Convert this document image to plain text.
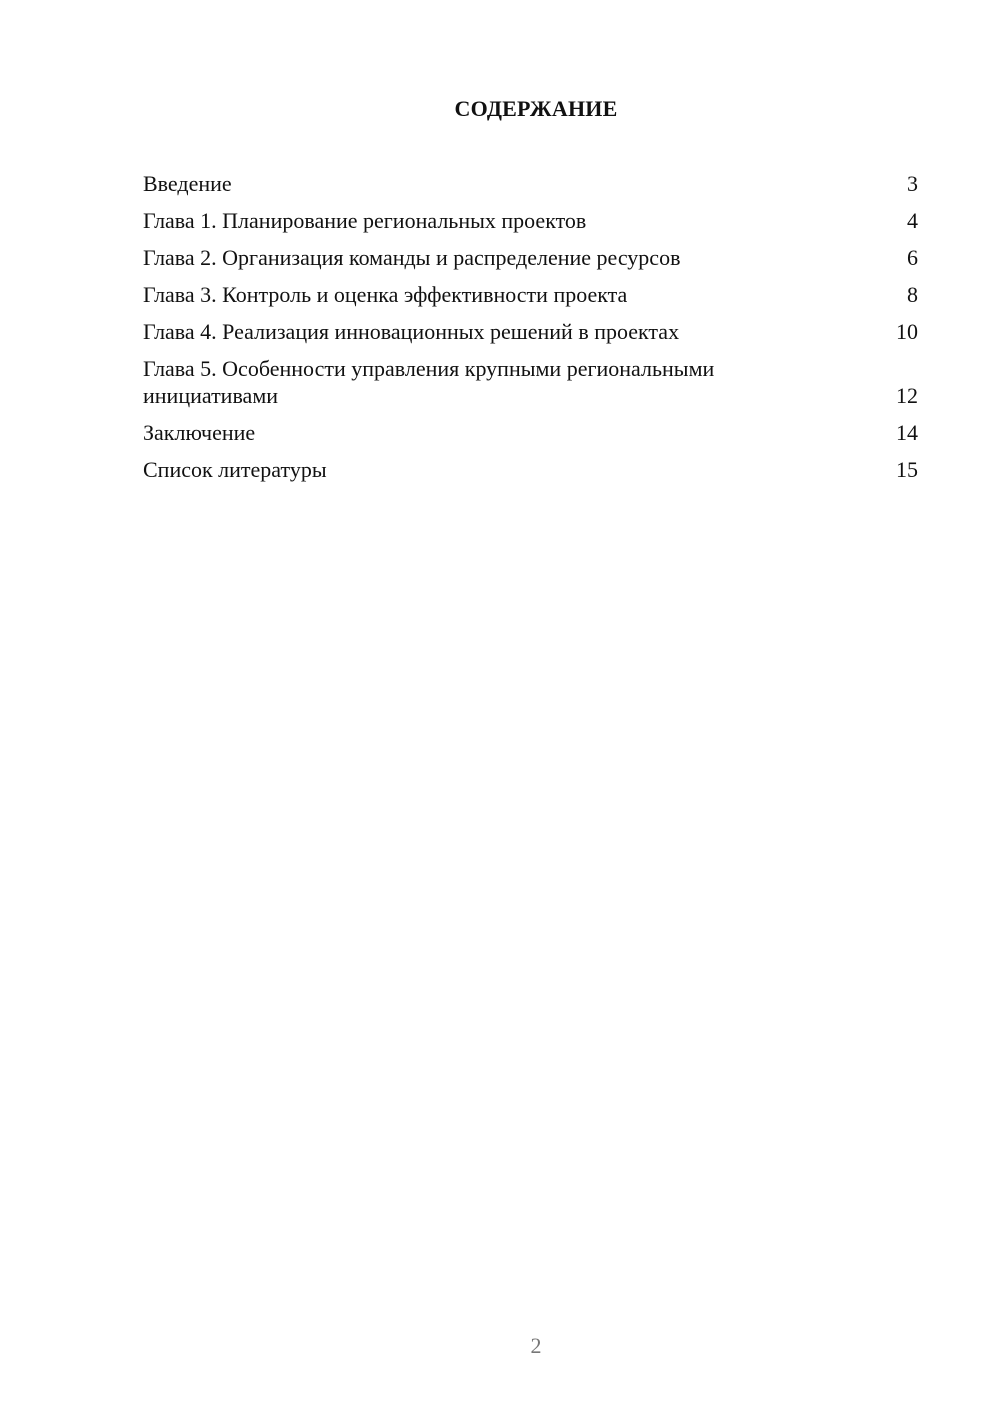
СОДЕРЖАНИЕ
Введение	3
Глава 1. Планирование региональных проектов	4
Глава 2. Организация команды и распределение ресурсов	6
Глава 3. Контроль и оценка эффективности проекта	8
Глава 4. Реализация инновационных решений в проектах	10
Глава 5. Особенности управления крупными региональными инициативами	12
Заключение	14
Список литературы	15
2
